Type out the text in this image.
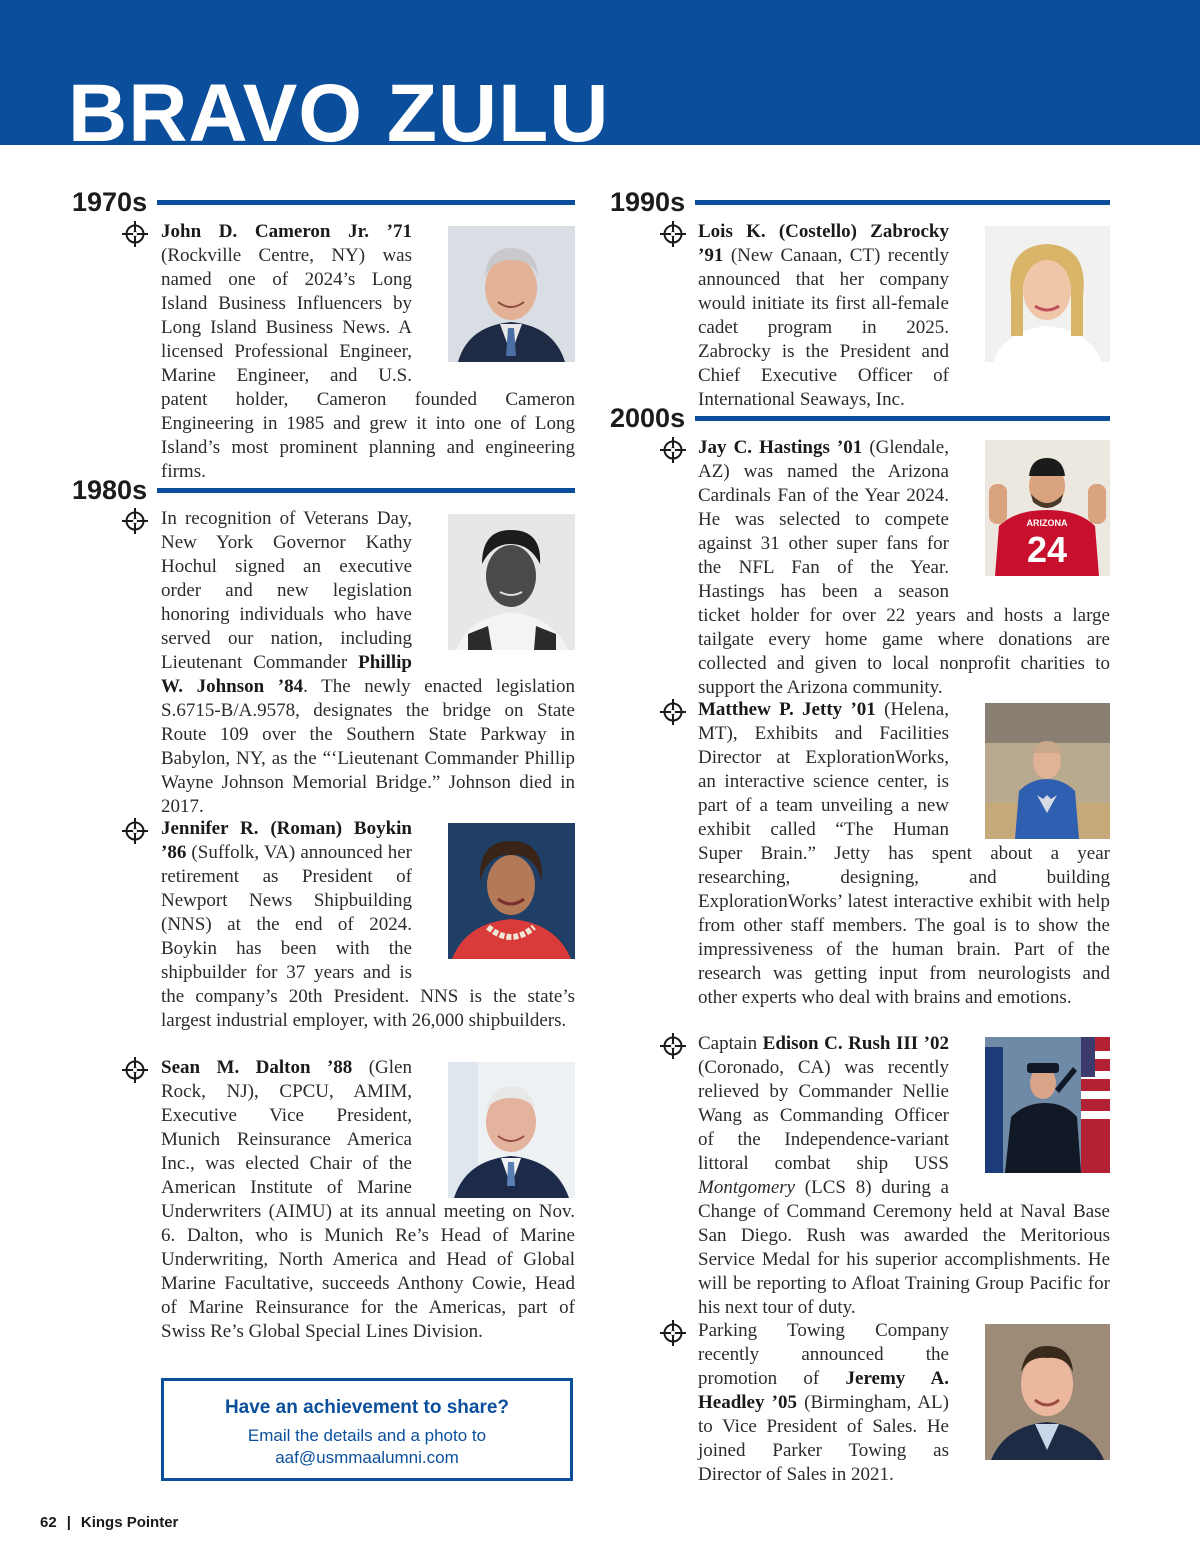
BRAVO ZULU
1970s
1980s
1990s
2000s

John D. Cameron Jr. ’71 (Rockville Centre, NY) was named one of 2024’s Long Island Business Influencers by Long Island Business News. A licensed Professional Engineer, Marine Engineer, and U.S. patent holder, Cameron founded Cameron Engineering in 1985 and grew it into one of Long Island’s most prominent planning and engineering firms.

In recognition of Veterans Day, New York Governor Kathy Hochul signed an executive order and new legislation honoring individuals who have served our nation, including Lieutenant Commander Phillip W. Johnson ’84. The newly enacted legislation S.6715-B/A.9578, designates the bridge on State Route 109 over the Southern State Parkway in Babylon, NY, as the “‘Lieutenant Commander Phillip Wayne Johnson Memorial Bridge.” Johnson died in 2017.

Jennifer R. (Roman) Boykin ’86 (Suffolk, VA) announced her retirement as President of Newport News Shipbuilding (NNS) at the end of 2024. Boykin has been with the shipbuilder for 37 years and is the company’s 20th President. NNS is the state’s largest industrial employer, with 26,000 shipbuilders.

Sean M. Dalton ’88 (Glen Rock, NJ), CPCU, AMIM, Executive Vice President, Munich Reinsurance America Inc., was elected Chair of the American Institute of Marine Underwriters (AIMU) at its annual meeting on Nov. 6. Dalton, who is Munich Re’s Head of Marine Underwriting, North America and Head of Global Marine Facultative, succeeds Anthony Cowie, Head of Marine Reinsurance for the Americas, part of Swiss Re’s Global Special Lines Division.

Have an achievement to share?
Email the details and a photo to
aaf@usmmaalumni.com

Lois K. (Costello) Zabrocky ’91 (New Canaan, CT) recently announced that her company would initiate its first all-female cadet program in 2025. Zabrocky is the President and Chief Executive Officer of International Seaways, Inc.

ARIZONA
24

Jay C. Hastings ’01 (Glendale, AZ) was named the Arizona Cardinals Fan of the Year 2024. He was selected to compete against 31 other super fans for the NFL Fan of the Year. Hastings has been a season ticket holder for over 22 years and hosts a large tailgate every home game where donations are collected and given to local nonprofit charities to support the Arizona community.

Matthew P. Jetty ’01 (Helena, MT), Exhibits and Facilities Director at ExplorationWorks, an interactive science center, is part of a team unveiling a new exhibit called “The Human Super Brain.” Jetty has spent about a year researching, designing, and building ExplorationWorks’ latest interactive exhibit with help from other staff members. The goal is to show the impressiveness of the human brain. Part of the research was getting input from neurologists and other experts who deal with brains and emotions.

Captain Edison C. Rush III ’02 (Coronado, CA) was recently relieved by Commander Nellie Wang as Commanding Officer of the Independence-variant littoral combat ship USS Montgomery (LCS 8) during a Change of Command Ceremony held at Naval Base San Diego. Rush was awarded the Meritorious Service Medal for his superior accomplishments. He will be reporting to Afloat Training Group Pacific for his next tour of duty.

Parking Towing Company recently announced the promotion of Jeremy A. Headley ’05 (Birmingham, AL) to Vice President of Sales. He joined Parker Towing as Director of Sales in 2021.

62 | Kings Pointer
